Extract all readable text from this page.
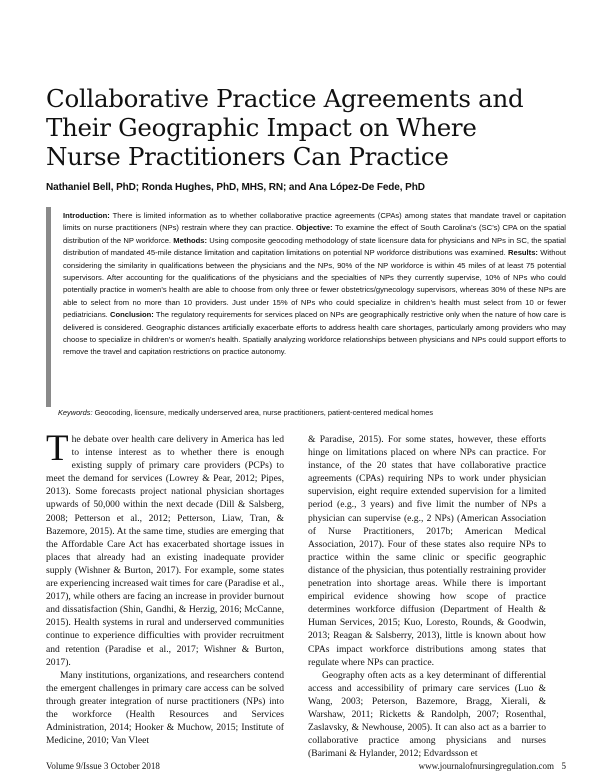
Collaborative Practice Agreements and Their Geographic Impact on Where Nurse Practitioners Can Practice

Nathaniel Bell, PhD; Ronda Hughes, PhD, MHS, RN; and Ana López-De Fede, PhD

Introduction: There is limited information as to whether collaborative practice agreements (CPAs) among states that mandate travel or capitation limits on nurse practitioners (NPs) restrain where they can practice. Objective: To examine the effect of South Carolina’s (SC’s) CPA on the spatial distribution of the NP workforce. Methods: Using composite geocoding methodology of state licensure data for physicians and NPs in SC, the spatial distribution of mandated 45-mile distance limitation and capitation limitations on potential NP workforce distributions was examined. Results: Without considering the similarity in qualifications between the physicians and the NPs, 90% of the NP workforce is within 45 miles of at least 75 potential supervisors. After accounting for the qualifications of the physicians and the specialties of NPs they currently supervise, 10% of NPs who could potentially practice in women’s health are able to choose from only three or fewer obstetrics/gynecology supervisors, whereas 30% of these NPs are able to select from no more than 10 providers. Just under 15% of NPs who could specialize in children’s health must select from 10 or fewer pediatricians. Conclusion: The regulatory requirements for services placed on NPs are geographically restrictive only when the nature of how care is delivered is considered. Geographic distances artificially exacerbate efforts to address health care shortages, particularly among providers who may choose to specialize in children’s or women’s health. Spatially analyzing workforce relationships between physicians and NPs could support efforts to remove the travel and capitation restrictions on practice autonomy.

Keywords: Geocoding, licensure, medically underserved area, nurse practitioners, patient-centered medical homes

The debate over health care delivery in America has led to intense interest as to whether there is enough existing supply of primary care providers (PCPs) to meet the demand for services (Lowrey & Pear, 2012; Pipes, 2013). Some forecasts project national physician shortages upwards of 50,000 within the next decade (Dill & Salsberg, 2008; Petterson et al., 2012; Petterson, Liaw, Tran, & Bazemore, 2015). At the same time, studies are emerging that the Affordable Care Act has exacerbated shortage issues in places that already had an existing inadequate provider supply (Wishner & Burton, 2017). For example, some states are experiencing increased wait times for care (Paradise et al., 2017), while others are facing an increase in provider burnout and dissatisfaction (Shin, Gandhi, & Herzig, 2016; McCanne, 2015). Health systems in rural and underserved communities continue to experience difficulties with provider recruitment and retention (Paradise et al., 2017; Wishner & Burton, 2017).

Many institutions, organizations, and researchers contend the emergent challenges in primary care access can be solved through greater integration of nurse practitioners (NPs) into the workforce (Health Resources and Services Administration, 2014; Hooker & Muchow, 2015; Institute of Medicine, 2010; Van Vleet

& Paradise, 2015). For some states, however, these efforts hinge on limitations placed on where NPs can practice. For instance, of the 20 states that have collaborative practice agreements (CPAs) requiring NPs to work under physician supervision, eight require extended supervision for a limited period (e.g., 3 years) and five limit the number of NPs a physician can supervise (e.g., 2 NPs) (American Association of Nurse Practitioners, 2017b; American Medical Association, 2017). Four of these states also require NPs to practice within the same clinic or specific geographic distance of the physician, thus potentially restraining provider penetration into shortage areas. While there is important empirical evidence showing how scope of practice determines workforce diffusion (Department of Health & Human Services, 2015; Kuo, Loresto, Rounds, & Goodwin, 2013; Reagan & Salsberry, 2013), little is known about how CPAs impact workforce distributions among states that regulate where NPs can practice.

Geography often acts as a key determinant of differential access and accessibility of primary care services (Luo & Wang, 2003; Peterson, Bazemore, Bragg, Xierali, & Warshaw, 2011; Ricketts & Randolph, 2007; Rosenthal, Zaslavsky, & Newhouse, 2005). It can also act as a barrier to collaborative practice among physicians and nurses (Barimani & Hylander, 2012; Edvardsson et

Volume 9/Issue 3 October 2018	www.journalofnursingregulation.com 5
